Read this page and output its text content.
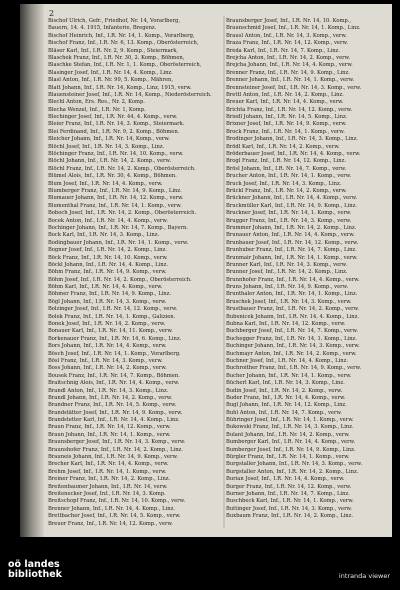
2
Bischof Ulrich, Gefr., Friedhof, Nr. 14, Vorarlberg,
Bauern, 14. 4. 1915, Infanterie, Bregenz.
Bischof Heinrich, Inf., I.R. Nr. 14, 1. Komp., Vorarlberg,
Bischof Franz, Inf., I.R. Nr. 6, 13. Komp., Oberösterreich,
Bläser Karl, Inf., I.R. Nr. 2, 9. Komp., Steiermark,
Blaschek Franz, Inf., I.R. Nr. 30, 2. Komp., Böhmen,
Blaschke Stefan, Inf., I.R. Nr. 1, 1. Komp., Oberösterreich,
Blasinger Josef, Inf., I.R. Nr. 14, 4. Komp., Linz.
Blasl Anton, Inf., I.R. Nr. 99, 5. Komp., Mähren,
Blatt Johann, Inf., I.R. Nr. 14, Komp., Linz, 1915, verw.
Blauensteiner Josef, Inf., I.R. Nr. 14, Komp., Niederösterreich.
Blechl Anton, Ers. Res., Nr. 2, Komp.
Blecha Wenzel, Inf., I.R. Nr. 1, Komp.
Blechinger Josef, Inf., I.R. Nr. 44, 4. Komp., verw.
Bleier Franz, Inf., I.R. Nr. 14, 3. Komp., Steiermark.
Blei Ferdinand, Inf., I.R. Nr. 9, 2. Komp., Böhmen.
Bleicher Johann, Inf., I.R. Nr. 14, Komp., verw.
Blöchl Josef, Inf., I.R. Nr. 14, 3. Komp., Linz.
Blöchinger Franz, Inf., I.R. Nr. 14, 10. Komp., verw.
Blöchl Johann, Inf., I.R. Nr. 14, 2. Komp., verw.
Blöchl Franz, Inf., I.R. Nr. 14, 2. Komp., Oberösterreich.
Blümel Alois, Inf., I.R. Nr. 30, 4. Komp., Böhmen.
Blum Josef, Inf., I.R. Nr. 14, 4. Komp., verw.
Blumberger Franz, Inf., I.R. Nr. 14, 9. Komp., Linz.
Blumauer Johann, Inf., I.R. Nr. 14, 12. Komp., verw.
Blumenthal Franz, Inf., I.R. Nr. 14, 1. Komp., verw.
Boboch Josef, Inf., I.R. Nr. 14, 2. Komp., Oberösterreich.
Bocek Anton, Inf., I.R. Nr. 14, 4. Komp., verw.
Bochinger Johann, Inf., I.R. Nr. 14, 7. Komp., Bayern.
Bock Karl, Inf., I.R. Nr. 14, 3. Komp., Linz.
Bodingbauer Johann, Inf., I.R. Nr. 14, 1. Komp., verw.
Bogner Josef, Inf., I.R. Nr. 14, 2. Komp., Linz.
Böck Franz, Inf., I.R. Nr. 14, 10. Komp., verw.
Böckl Johann, Inf., I.R. Nr. 14, 4. Komp., Linz.
Böhm Franz, Inf., I.R. Nr. 14, 9. Komp., verw.
Böhm Josef, Inf., I.R. Nr. 14, 2. Komp., Oberösterreich.
Böhm Karl, Inf., I.R. Nr. 14, 4. Komp., verw.
Böhmer Franz, Inf., I.R. Nr. 14, 9. Komp., Linz.
Bögl Johann, Inf., I.R. Nr. 14, 3. Komp., verw.
Bolzinger Josef, Inf., I.R. Nr. 14, 12. Komp., verw.
Bolek Franz, Inf., I.R. Nr. 14, 1. Komp., Galizien.
Bonek Josef, Inf., I.R. Nr. 14, 2. Komp., verw.
Bonauer Karl, Inf., I.R. Nr. 14, 11. Komp., verw.
Borkenauer Franz, Inf., I.R. Nr. 14, 6. Komp., Linz.
Bors Johann, Inf., I.R. Nr. 14, 4. Komp., verw.
Bösch Josef, Inf., I.R. Nr. 14, 1. Komp., Vorarlberg.
Bösl Franz, Inf., I.R. Nr. 14, 3. Komp., verw.
Boss Johann, Inf., I.R. Nr. 14, 2. Komp., verw.
Bousek Franz, Inf., I.R. Nr. 14, 7. Komp., Böhmen.
Braitschnig Alois, Inf., I.R. Nr. 14, 4. Komp., verw.
Brandl Anton, Inf., I.R. Nr. 14, 3. Komp., Linz.
Brandl Johann, Inf., I.R. Nr. 14, 2. Komp., verw.
Brandner Franz, Inf., I.R. Nr. 14, 5. Komp., verw.
Brandstätter Josef, Inf., I.R. Nr. 14, 9. Komp., verw.
Brandstetter Karl, Inf., I.R. Nr. 14, 4. Komp., Linz.
Braun Franz, Inf., I.R. Nr. 14, 12. Komp., verw.
Braun Johann, Inf., I.R. Nr. 14, 1. Komp., verw.
Braunsberger Josef, Inf., I.R. Nr. 14, 3. Komp., verw.
Braunshofer Franz, Inf., I.R. Nr. 14, 2. Komp., Linz.
Brauneis Johann, Inf., I.R. Nr. 14, 9. Komp., verw.
Brecher Karl, Inf., I.R. Nr. 14, 4. Komp., verw.
Brehm Josef, Inf., I.R. Nr. 14, 1. Komp., verw.
Breiner Franz, Inf., I.R. Nr. 14, 2. Komp., Linz.
Breitenbaumer Johann, Inf., I.R. Nr. 14, verw.
Breitenecker Josef, Inf., I.R. Nr. 14, 3. Komp.
Breitschopf Franz, Inf., I.R. Nr. 14, 10. Komp., verw.
Brenner Johann, Inf., I.R. Nr. 14, 4. Komp., Linz.
Brettbacher Josef, Inf., I.R. Nr. 14, 5. Komp., verw.
Breuer Franz, Inf., I.R. Nr. 14, 12. Komp., verw.
Braunsberger Josef, Inf., I.R. Nr. 14, 10. Komp.,
Braunschmid Josef, Inf., I.R. Nr. 14, 1. Komp., Linz.
Brausl Anton, Inf., I.R. Nr. 14, 3. Komp., verw.
Braza Franz, Inf., I.R. Nr. 14, 12. Komp., verw.
Bréda Karl, Inf., I.R. Nr. 14, 7. Komp., Linz.
Brejcha Anton, Inf., I.R. Nr. 14, 2. Komp., verw.
Brejcha Johann, Inf., I.R. Nr. 14, 4. Komp., verw.
Brenner Franz, Inf., I.R. Nr. 14, 9. Komp., Linz.
Brenner Johann, Inf., I.R. Nr. 14, 1. Komp., verw.
Brennsteiner Josef, Inf., I.R. Nr. 14, 3. Komp., verw.
Brettl Anton, Inf., I.R. Nr. 14, 2. Komp., Linz.
Breuer Karl, Inf., I.R. Nr. 14, 4. Komp., verw.
Brichta Franz, Inf., I.R. Nr. 14, 12. Komp., verw.
Briedl Johann, Inf., I.R. Nr. 14, 5. Komp., Linz.
Brixner Josef, Inf., I.R. Nr. 14, 9. Komp., verw.
Brock Franz, Inf., I.R. Nr. 14, 1. Komp., verw.
Brodinger Johann, Inf., I.R. Nr. 14, 3. Komp., Linz.
Brödl Karl, Inf., I.R. Nr. 14, 2. Komp., verw.
Bröderbauer Josef, Inf., I.R. Nr. 14, 4. Komp., verw.
Brogl Franz, Inf., I.R. Nr. 14, 12. Komp., Linz.
Brösl Johann, Inf., I.R. Nr. 14, 7. Komp., verw.
Brucher Anton, Inf., I.R. Nr. 14, 1. Komp., verw.
Bruck Josef, Inf., I.R. Nr. 14, 3. Komp., Linz.
Brückl Franz, Inf., I.R. Nr. 14, 2. Komp., verw.
Brückner Johann, Inf., I.R. Nr. 14, 4. Komp., verw.
Bruckmüller Karl, Inf., I.R. Nr. 14, 9. Komp., Linz.
Bruckner Josef, Inf., I.R. Nr. 14, 1. Komp., verw.
Brugger Franz, Inf., I.R. Nr. 14, 3. Komp., verw.
Brummer Johann, Inf., I.R. Nr. 14, 2. Komp., Linz.
Brunauer Anton, Inf., I.R. Nr. 14, 4. Komp., verw.
Brunbauer Josef, Inf., I.R. Nr. 14, 12. Komp., verw.
Brunhuber Franz, Inf., I.R. Nr. 14, 7. Komp., Linz.
Brunmair Johann, Inf., I.R. Nr. 14, 1. Komp., verw.
Brunner Karl, Inf., I.R. Nr. 14, 3. Komp., verw.
Brunner Josef, Inf., I.R. Nr. 14, 2. Komp., Linz.
Brunnhofer Franz, Inf., I.R. Nr. 14, 4. Komp., verw.
Bruns Johann, Inf., I.R. Nr. 14, 9. Komp., verw.
Brunthaler Anton, Inf., I.R. Nr. 14, 1. Komp., Linz.
Bruschek Josef, Inf., I.R. Nr. 14, 3. Komp., verw.
Brustbauer Franz, Inf., I.R. Nr. 14, 2. Komp., verw.
Bubenicek Johann, Inf., I.R. Nr. 14, 4. Komp., Linz.
Bubna Karl, Inf., I.R. Nr. 14, 12. Komp., verw.
Buchberger Josef, Inf., I.R. Nr. 14, 7. Komp., verw.
Buchegger Franz, Inf., I.R. Nr. 14, 1. Komp., Linz.
Buchinger Johann, Inf., I.R. Nr. 14, 3. Komp., verw.
Buchmayr Anton, Inf., I.R. Nr. 14, 2. Komp., verw.
Buchner Josef, Inf., I.R. Nr. 14, 4. Komp., Linz.
Buchroither Franz, Inf., I.R. Nr. 14, 9. Komp., verw.
Bucher Johann, Inf., I.R. Nr. 14, 1. Komp., verw.
Bücherl Karl, Inf., I.R. Nr. 14, 3. Komp., Linz.
Budin Josef, Inf., I.R. Nr. 14, 2. Komp., verw.
Buder Franz, Inf., I.R. Nr. 14, 4. Komp., verw.
Bugl Johann, Inf., I.R. Nr. 14, 12. Komp., Linz.
Buhl Anton, Inf., I.R. Nr. 14, 7. Komp., verw.
Bühringer Josef, Inf., I.R. Nr. 14, 1. Komp., verw.
Bukowski Franz, Inf., I.R. Nr. 14, 3. Komp., Linz.
Bulant Johann, Inf., I.R. Nr. 14, 2. Komp., verw.
Bumberger Karl, Inf., I.R. Nr. 14, 4. Komp., verw.
Bumberger Josef, Inf., I.R. Nr. 14, 9. Komp., Linz.
Bürgler Franz, Inf., I.R. Nr. 14, 1. Komp., verw.
Burgstaller Johann, Inf., I.R. Nr. 14, 3. Komp., verw.
Burgstaller Anton, Inf., I.R. Nr. 14, 2. Komp., Linz.
Burian Josef, Inf., I.R. Nr. 14, 4. Komp., verw.
Burger Franz, Inf., I.R. Nr. 14, 12. Komp., verw.
Burner Johann, Inf., I.R. Nr. 14, 7. Komp., Linz.
Buschbeck Karl, Inf., I.R. Nr. 14, 1. Komp., verw.
Buttinger Josef, Inf., I.R. Nr. 14, 3. Komp., verw.
Buxbaum Franz, Inf., I.R. Nr. 14, 2. Komp., Linz.
oö landes
bibliothek	intranda viewer
